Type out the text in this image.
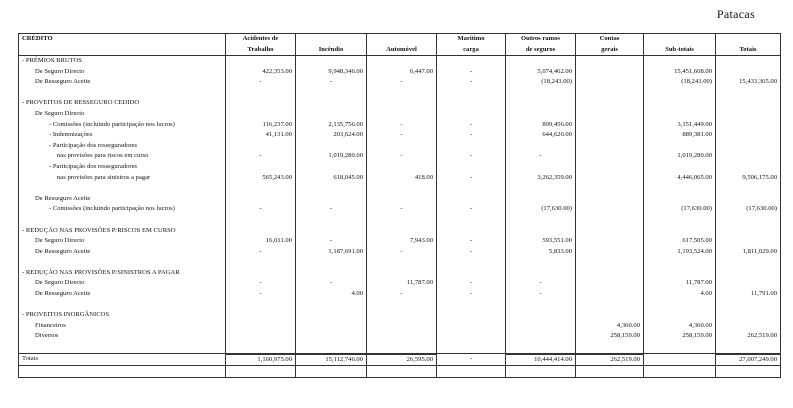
Patacas
CRÉDITO	Acidentes de			Marítimo	Outros ramos	Contas		
	Trabalho	Incêndio	Automóvel	carga	de seguros	gerais	Sub-totais	Totais
- PRÉMIOS BRUTOS								
De Seguro Directo	422,353.00	9,948,346.00	6,447.00	-	5,074,462.00		15,451,608.00	
De Resseguro Aceite	-	-	-	-	(18,243.00)		(18,243.00)	15,433,365.00

- PROVEITOS DE RESSEGURO CEDIDO								
De Seguro Directo								
- Comissões (incluindo participação nos lucros)	116,237.00	2,135,756.00	-	-	899,456.00		3,151,449.00	
- Indemnizações	41,131.00	203,624.00	-	-	644,626.00		889,381.00	
- Participação dos resseguradores								
nas provisões para riscos em curso	-	1,019,280.00	-	-	-		1,019,280.00	
- Participação dos resseguradores								
nas provisões para sinistros a pagar	565,243.00	618,045.00	418.00	-	3,262,359.00		4,446,065.00	9,506,175.00

De Resseguro Aceite								
- Comissões (incluindo participação nos lucros)	-	-	-	-	(17,630.00)		(17,630.00)	(17,630.00)

- REDUÇÃO NAS PROVISÕES P/RISCOS EM CURSO								
De Seguro Directo	16,011.00	-	7,943.00	-	593,551.00		617,505.00	
De Resseguro Aceite	-	1,187,691.00	-	-	5,833.00		1,193,524.00	1,811,029.00

- REDUÇÃO NAS PROVISÕES P/SINISTROS A PAGAR								
De Seguro Directo	-	-	11,787.00	-	-		11,787.00	
De Resseguro Aceite	-	4.00	-	-	-		4.00	11,791.00

- PROVEITOS INORGÂNICOS								
Financeiros						4,360.00	4,360.00	
Diversos						258,159.00	258,159.00	262,519.00

Totais	1,160,975.00	15,112,746.00	26,595.00	-	10,444,414.00	262,519.00		27,007,249.00
